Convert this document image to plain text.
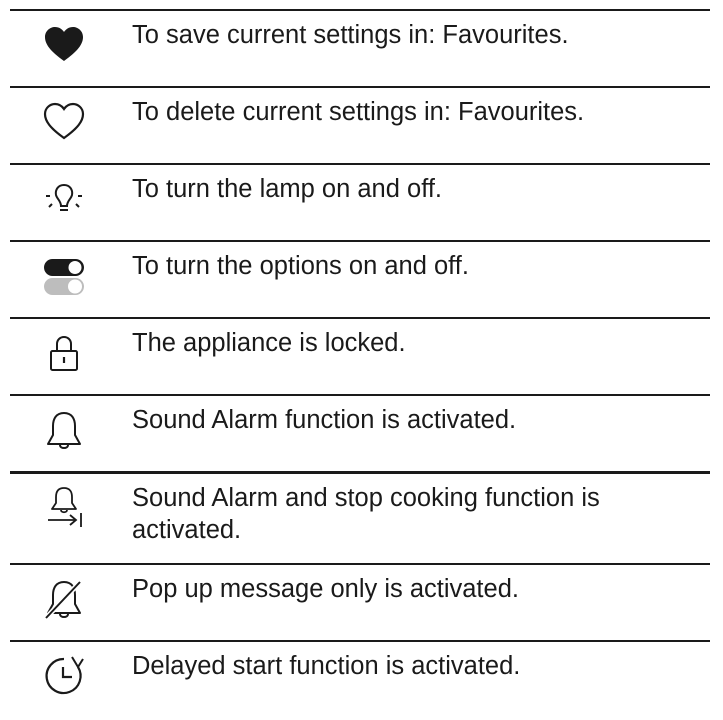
To save current settings in: Favourites.
To delete current settings in: Favourites.
To turn the lamp on and off.
To turn the options on and off.
The appliance is locked.
Sound Alarm function is activated.
Sound Alarm and stop cooking function is activated.
Pop up message only is activated.
Delayed start function is activated.
